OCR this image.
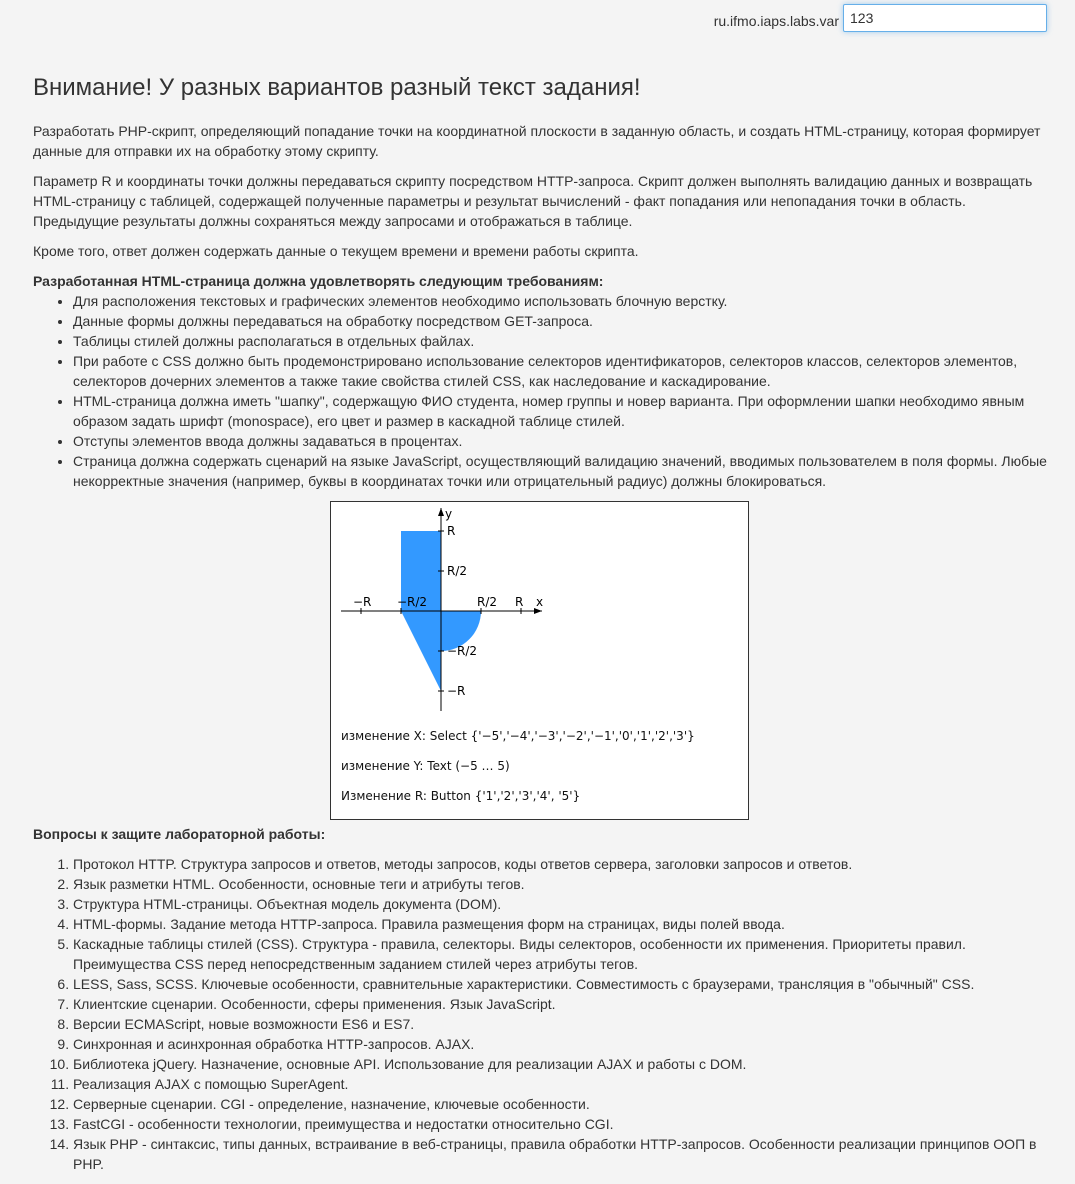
ru.ifmo.iaps.labs.var
123
Внимание! У разных вариантов разный текст задания!

Разработать PHP-скрипт, определяющий попадание точки на координатной плоскости в заданную область, и создать HTML-страницу, которая формирует данные для отправки их на обработку этому скрипту.

Параметр R и координаты точки должны передаваться скрипту посредством HTTP-запроса. Скрипт должен выполнять валидацию данных и возвращать HTML-страницу с таблицей, содержащей полученные параметры и результат вычислений - факт попадания или непопадания точки в область. Предыдущие результаты должны сохраняться между запросами и отображаться в таблице.

Кроме того, ответ должен содержать данные о текущем времени и времени работы скрипта.

Разработанная HTML-страница должна удовлетворять следующим требованиям:
• Для расположения текстовых и графических элементов необходимо использовать блочную верстку.
• Данные формы должны передаваться на обработку посредством GET-запроса.
• Таблицы стилей должны располагаться в отдельных файлах.
• При работе с CSS должно быть продемонстрировано использование селекторов идентификаторов, селекторов классов, селекторов элементов, селекторов дочерних элементов а также такие свойства стилей CSS, как наследование и каскадирование.
• HTML-страница должна иметь "шапку", содержащую ФИО студента, номер группы и новер варианта. При оформлении шапки необходимо явным образом задать шрифт (monospace), его цвет и размер в каскадной таблице стилей.
• Отступы элементов ввода должны задаваться в процентах.
• Страница должна содержать сценарий на языке JavaScript, осуществляющий валидацию значений, вводимых пользователем в поля формы. Любые некорректные значения (например, буквы в координатах точки или отрицательный радиус) должны блокироваться.
y
x
R
R/2
−R/2
−R
−R −R/2	R/2 R
изменение X: Select {'−5','−4','−3','−2','−1','0','1','2','3'}
изменение Y: Text (−5 … 5)
Изменение R: Button {'1','2','3','4', '5'}
Вопросы к защите лабораторной работы:
1. Протокол HTTP. Структура запросов и ответов, методы запросов, коды ответов сервера, заголовки запросов и ответов.
2. Язык разметки HTML. Особенности, основные теги и атрибуты тегов.
3. Структура HTML-страницы. Объектная модель документа (DOM).
4. HTML-формы. Задание метода HTTP-запроса. Правила размещения форм на страницах, виды полей ввода.
5. Каскадные таблицы стилей (CSS). Структура - правила, селекторы. Виды селекторов, особенности их применения. Приоритеты правил. Преимущества CSS перед непосредственным заданием стилей через атрибуты тегов.
6. LESS, Sass, SCSS. Ключевые особенности, сравнительные характеристики. Совместимость с браузерами, трансляция в "обычный" CSS.
7. Клиентские сценарии. Особенности, сферы применения. Язык JavaScript.
8. Версии ECMAScript, новые возможности ES6 и ES7.
9. Синхронная и асинхронная обработка HTTP-запросов. AJAX.
10. Библиотека jQuery. Назначение, основные API. Использование для реализации AJAX и работы с DOM.
11. Реализация AJAX с помощью SuperAgent.
12. Серверные сценарии. CGI - определение, назначение, ключевые особенности.
13. FastCGI - особенности технологии, преимущества и недостатки относительно CGI.
14. Язык PHP - синтаксис, типы данных, встраивание в веб-страницы, правила обработки HTTP-запросов. Особенности реализации принципов ООП в PHP.
